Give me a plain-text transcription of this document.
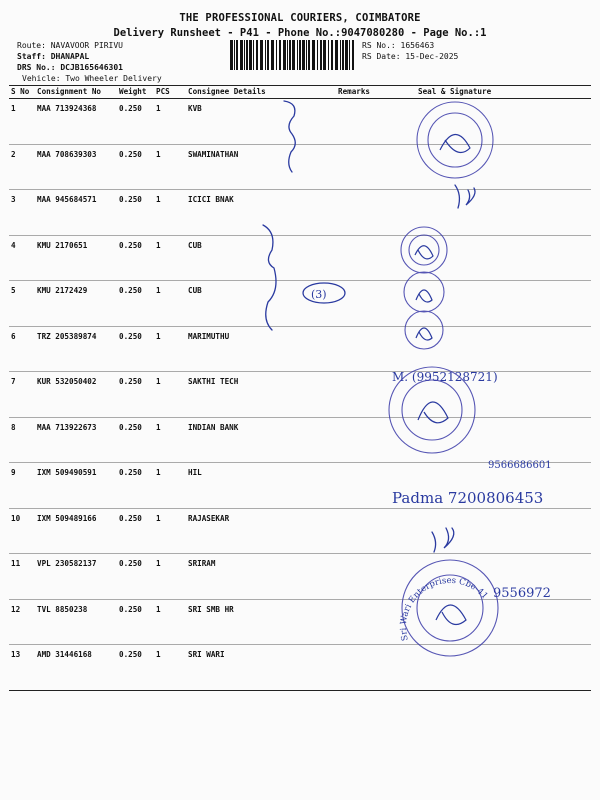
THE PROFESSIONAL COURIERS, COIMBATORE
Delivery Runsheet - P41 - Phone No.:9047080280 - Page No.:1
Route: NAVAVOOR PIRIVU
Staff: DHANAPAL
DRS No.: DCJB165646301
Vehicle: Two Wheeler Delivery
RS No.: 1656463
RS Date: 15-Dec-2025
S No	Consignment No	Weight	PCS	Consignee Details	Remarks	Seal & Signature
1	MAA 713924368	0.250	1	KVB		
2	MAA 708639303	0.250	1	SWAMINATHAN		
3	MAA 945684571	0.250	1	ICICI BNAK		
4	KMU 2170651	0.250	1	CUB		
5	KMU 2172429	0.250	1	CUB		
6	TRZ 205389874	0.250	1	MARIMUTHU		
7	KUR 532050402	0.250	1	SAKTHI TECH		
8	MAA 713922673	0.250	1	INDIAN BANK		
9	IXM 509490591	0.250	1	HIL		
10	IXM 509489166	0.250	1	RAJASEKAR		
11	VPL 230582137	0.250	1	SRIRAM		
12	TVL 8850238	0.250	1	SRI SMB HR		
13	AMD 31446168	0.250	1	SRI WARI		
(3)
M. (9952128721)
9566686601
Padma 7200806453
9556972
Sri Wari Enterprises Cbe-41
